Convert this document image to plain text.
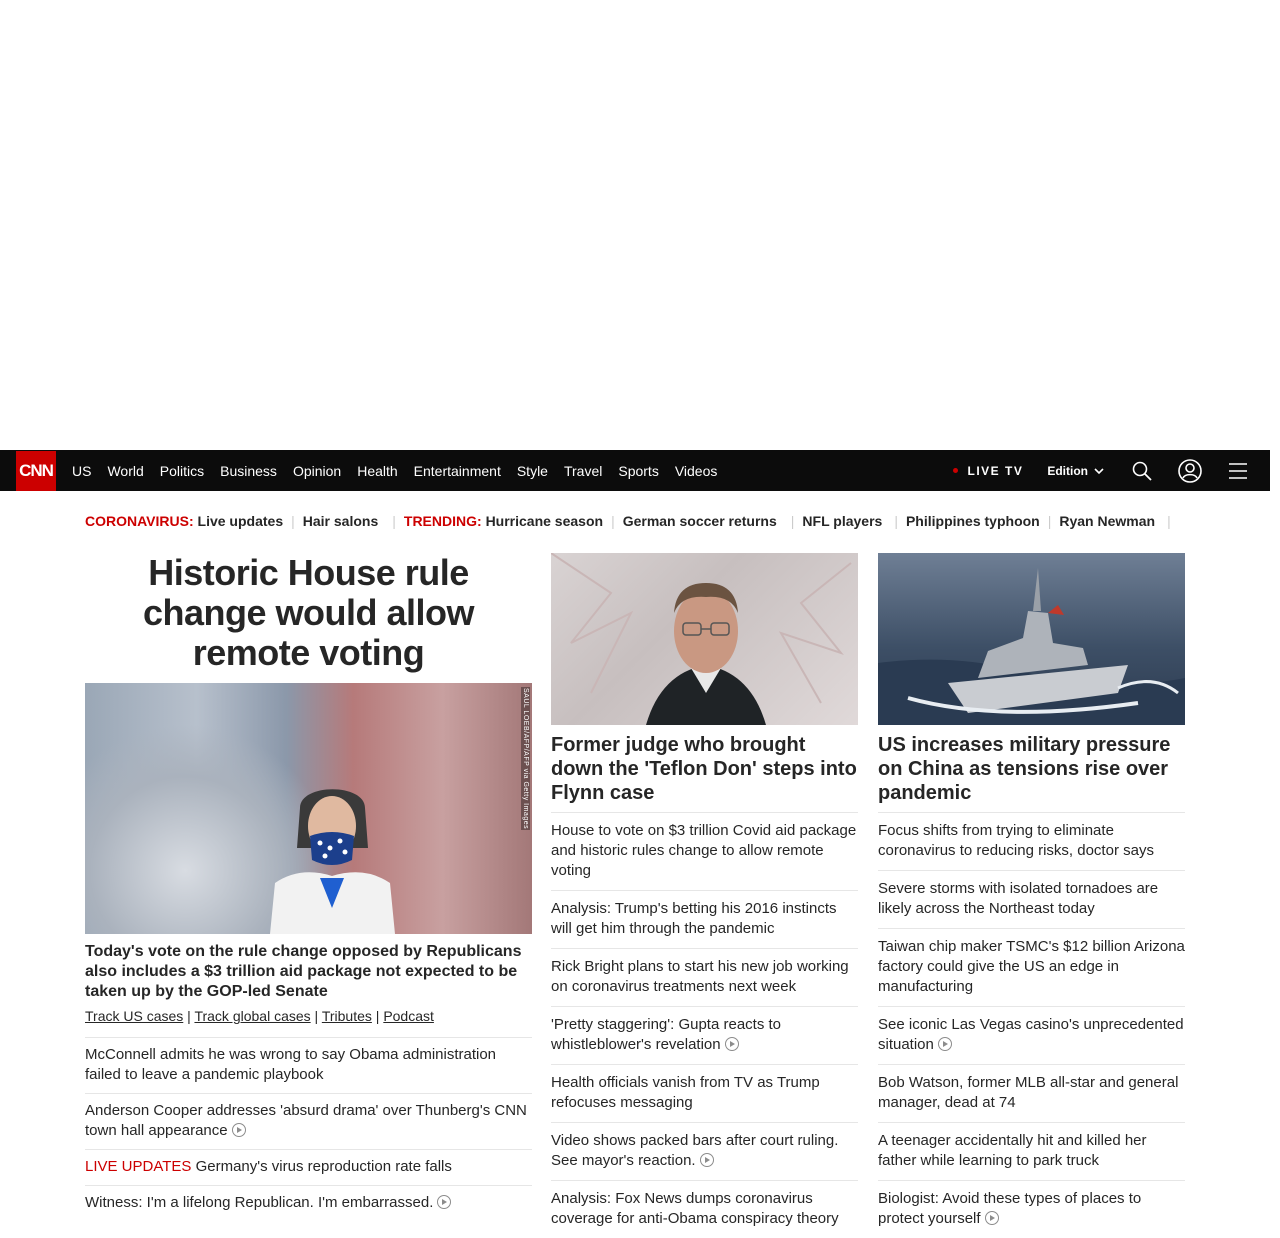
CNN	US	World	Politics	Business	Opinion	Health	Entertainment	Style	Travel	Sports	Videos	LIVE TV Edition
CORONAVIRUS:
Live updates | Hair salons | TRENDING:
Hurricane season | German soccer returns | NFL players | Philippines typhoon | Ryan Newman |
Historic House rule change would allow remote voting
SAUL LOEB/AFP/AFP via Getty Images
Today's vote on the rule change opposed by Republicans also includes a $3 trillion aid package not expected to be taken up by the GOP-led Senate
Track US cases | Track global cases | Tributes | Podcast
McConnell admits he was wrong to say Obama administration failed to leave a pandemic playbook
Anderson Cooper addresses 'absurd drama' over Thunberg's CNN town hall appearance
LIVE UPDATES Germany's virus reproduction rate falls
Witness: I'm a lifelong Republican. I'm embarrassed.
Former judge who brought down the 'Teflon Don' steps into Flynn case
House to vote on $3 trillion Covid aid package and historic rules change to allow remote voting
Analysis: Trump's betting his 2016 instincts will get him through the pandemic
Rick Bright plans to start his new job working on coronavirus treatments next week
'Pretty staggering': Gupta reacts to whistleblower's revelation
Health officials vanish from TV as Trump refocuses messaging
Video shows packed bars after court ruling. See mayor's reaction.
Analysis: Fox News dumps coronavirus coverage for anti-Obama conspiracy theory
US increases military pressure on China as tensions rise over pandemic
Focus shifts from trying to eliminate coronavirus to reducing risks, doctor says
Severe storms with isolated tornadoes are likely across the Northeast today
Taiwan chip maker TSMC's $12 billion Arizona factory could give the US an edge in manufacturing
See iconic Las Vegas casino's unprecedented situation
Bob Watson, former MLB all-star and general manager, dead at 74
A teenager accidentally hit and killed her father while learning to park truck
Biologist: Avoid these types of places to protect yourself
